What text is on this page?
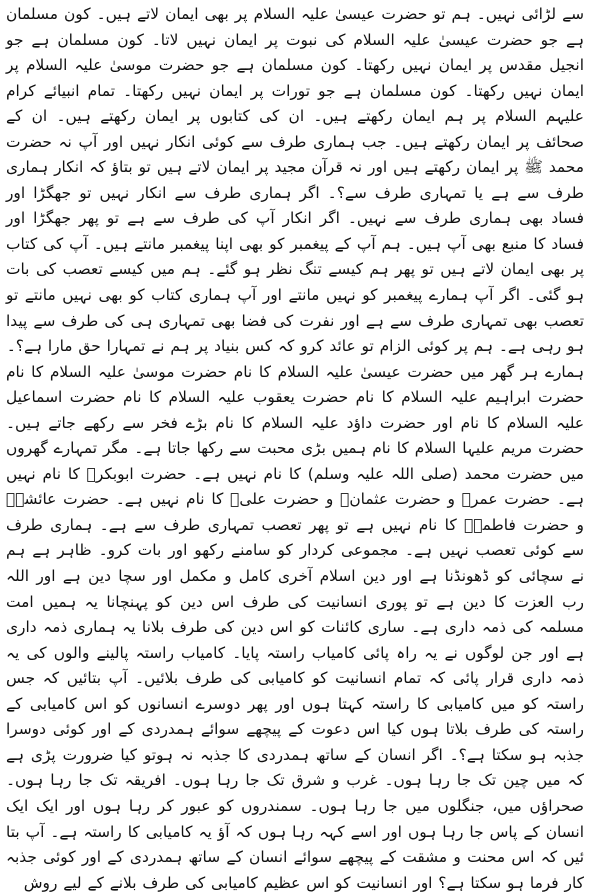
سے لڑائی نہیں۔ ہم تو حضرت عیسیٰ علیہ السلام پر بھی ایمان لاتے ہیں۔ کون مسلمان ہے جو حضرت عیسیٰ علیہ السلام کی نبوت پر ایمان نہیں لاتا۔ کون مسلمان ہے جو انجیل مقدس پر ایمان نہیں رکھتا۔ کون مسلمان ہے جو حضرت موسیٰ علیہ السلام پر ایمان نہیں رکھتا۔ کون مسلمان ہے جو تورات پر ایمان نہیں رکھتا۔ تمام انبیائے کرام علیہم السلام پر ہم ایمان رکھتے ہیں۔ ان کی کتابوں پر ایمان رکھتے ہیں۔ ان کے صحائف پر ایمان رکھتے ہیں۔ جب ہماری طرف سے کوئی انکار نہیں اور آپ نہ حضرت محمد ﷺ پر ایمان رکھتے ہیں اور نہ قرآن مجید پر ایمان لاتے ہیں تو بتاؤ کہ انکار ہماری طرف سے ہے یا تمہاری طرف سے؟۔ اگر ہماری طرف سے انکار نہیں تو جھگڑا اور فساد بھی ہماری طرف سے نہیں۔ اگر انکار آپ کی طرف سے ہے تو پھر جھگڑا اور فساد کا منبع بھی آپ ہیں۔ ہم آپ کے پیغمبر کو بھی اپنا پیغمبر مانتے ہیں۔ آپ کی کتاب پر بھی ایمان لاتے ہیں تو پھر ہم کیسے تنگ نظر ہو گئے۔ ہم میں کیسے تعصب کی بات ہو گئی۔ اگر آپ ہمارے پیغمبر کو نہیں مانتے اور آپ ہماری کتاب کو بھی نہیں مانتے تو تعصب بھی تمہاری طرف سے ہے اور نفرت کی فضا بھی تمہاری ہی کی طرف سے پیدا ہو رہی ہے۔ ہم پر کوئی الزام تو عائد کرو کہ کس بنیاد پر ہم نے تمہارا حق مارا ہے؟۔

ہمارے ہر گھر میں حضرت عیسیٰ علیہ السلام کا نام حضرت موسیٰ علیہ السلام کا نام حضرت ابراہیم علیہ السلام کا نام حضرت یعقوب علیہ السلام کا نام حضرت اسماعیل علیہ السلام کا نام اور حضرت داؤد علیہ السلام کا نام بڑے فخر سے رکھے جاتے ہیں۔ حضرت مریم علیہا السلام کا نام ہمیں بڑی محبت سے رکھا جاتا ہے۔ مگر تمہارے گھروں میں حضرت محمد (صلی اللہ علیہ وسلم) کا نام نہیں ہے۔ حضرت ابوبکرؓ کا نام نہیں ہے۔ حضرت عمرؓ و حضرت عثمانؓ و حضرت علیؓ کا نام نہیں ہے۔ حضرت عائشہؓ و حضرت فاطمہؓ کا نام نہیں ہے تو پھر تعصب تمہاری طرف سے ہے۔ ہماری طرف سے کوئی تعصب نہیں ہے۔ مجموعی کردار کو سامنے رکھو اور بات کرو۔ ظاہر ہے ہم نے سچائی کو ڈھونڈنا ہے اور دین اسلام آخری کامل و مکمل اور سچا دین ہے اور اللہ رب العزت کا دین ہے تو پوری انسانیت کی طرف اس دین کو پہنچانا یہ ہمیں امت مسلمہ کی ذمہ داری ہے۔ ساری کائنات کو اس دین کی طرف بلانا یہ ہماری ذمہ داری ہے اور جن لوگوں نے یہ راہ پائی کامیاب راستہ پایا۔ کامیاب راستہ پالینے والوں کی یہ ذمہ داری قرار پائی کہ تمام انسانیت کو کامیابی کی طرف بلائیں۔ آپ بتائیں کہ جس راستہ کو میں کامیابی کا راستہ کہتا ہوں اور پھر دوسرے انسانوں کو اس کامیابی کے راستہ کی طرف بلاتا ہوں کیا اس دعوت کے پیچھے سوائے ہمدردی کے اور کوئی دوسرا جذبہ ہو سکتا ہے؟۔ اگر انسان کے ساتھ ہمدردی کا جذبہ نہ ہوتو کیا ضرورت پڑی ہے کہ میں چین تک جا رہا ہوں۔ غرب و شرق تک جا رہا ہوں۔ افریقہ تک جا رہا ہوں۔ صحراؤں میں، جنگلوں میں جا رہا ہوں۔ سمندروں کو عبور کر رہا ہوں اور ایک ایک انسان کے پاس جا رہا ہوں اور اسے کہہ رہا ہوں کہ آؤ یہ کامیابی کا راستہ ہے۔ آپ بتا ئیں کہ اس محنت و مشقت کے پیچھے سوائے انسان کے ساتھ ہمدردی کے اور کوئی جذبہ کار فرما ہو سکتا ہے؟ اور انسانیت کو اس عظیم کامیابی کی طرف بلانے کے لیے روش
